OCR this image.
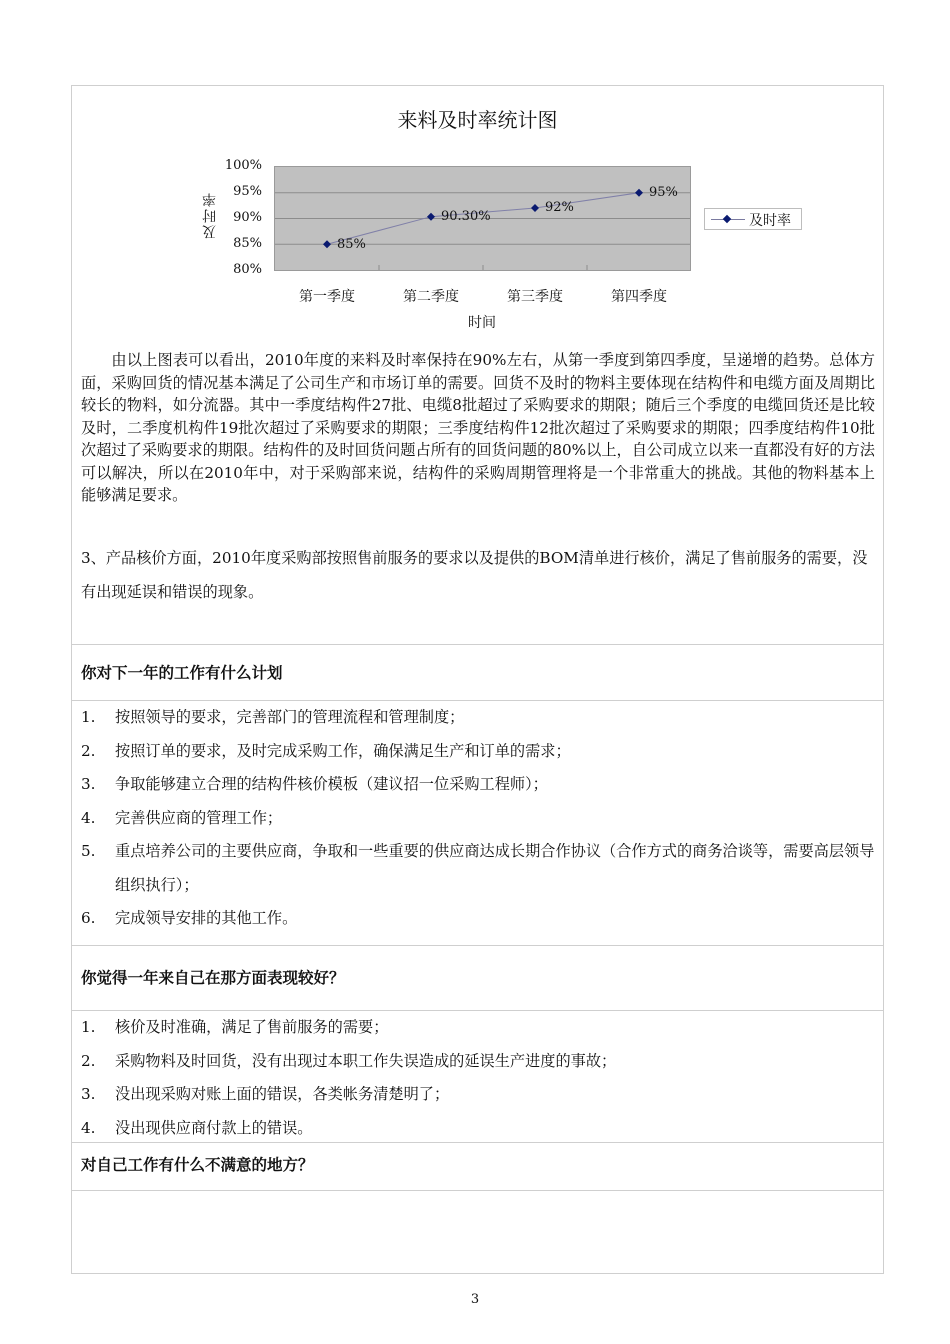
来料及时率统计图
及时率
100%
95%
90%
85%
80%
85%
90.30%
92%
95%
第一季度	第二季度	第三季度	第四季度
时间
及时率
由以上图表可以看出，2010年度的来料及时率保持在90%左右，从第一季度到第四季度，呈递增的趋势。总体方面，采购回货的情况基本满足了公司生产和市场订单的需要。回货不及时的物料主要体现在结构件和电缆方面及周期比较长的物料，如分流器。其中一季度结构件27批、电缆8批超过了采购要求的期限；随后三个季度的电缆回货还是比较及时，二季度机构件19批次超过了采购要求的期限；三季度结构件12批次超过了采购要求的期限；四季度结构件10批次超过了采购要求的期限。结构件的及时回货问题占所有的回货问题的80%以上，自公司成立以来一直都没有好的方法可以解决，所以在2010年中，对于采购部来说，结构件的采购周期管理将是一个非常重大的挑战。其他的物料基本上能够满足要求。
3、产品核价方面，2010年度采购部按照售前服务的要求以及提供的BOM清单进行核价，满足了售前服务的需要，没有出现延误和错误的现象。
你对下一年的工作有什么计划
1. 按照领导的要求，完善部门的管理流程和管理制度；
2. 按照订单的要求，及时完成采购工作，确保满足生产和订单的需求；
3. 争取能够建立合理的结构件核价模板（建议招一位采购工程师）；
4. 完善供应商的管理工作；
5. 重点培养公司的主要供应商，争取和一些重要的供应商达成长期合作协议（合作方式的商务洽谈等，需要高层领导组织执行）；
6. 完成领导安排的其他工作。
你觉得一年来自己在那方面表现较好？
1. 核价及时准确，满足了售前服务的需要；
2. 采购物料及时回货，没有出现过本职工作失误造成的延误生产进度的事故；
3. 没出现采购对账上面的错误，各类帐务清楚明了；
4. 没出现供应商付款上的错误。
对自己工作有什么不满意的地方？
3
